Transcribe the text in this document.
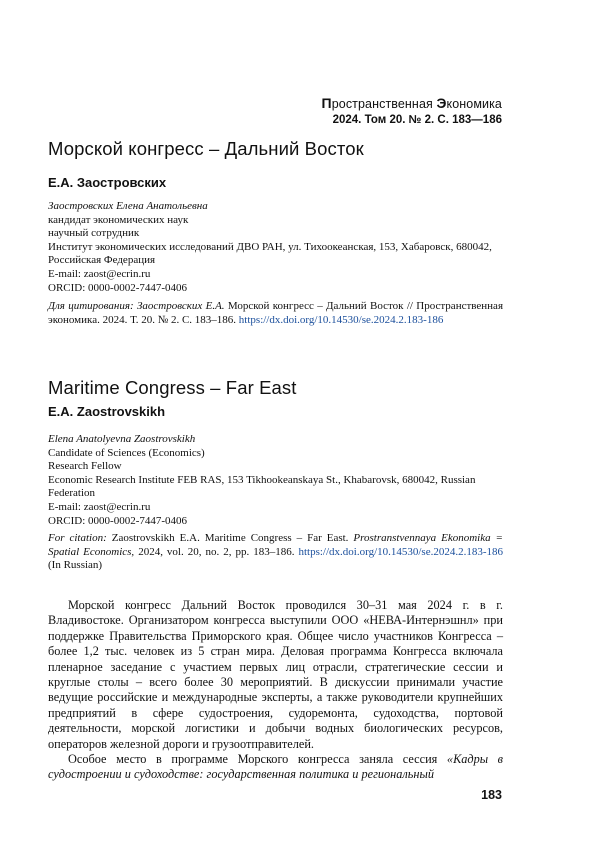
Пространственная Экономика
2024. Том 20. № 2. С. 183—186
Морской конгресс – Дальний Восток
Е.А. Заостровских
Заостровских Елена Анатольевна
кандидат экономических наук
научный сотрудник
Институт экономических исследований ДВО РАН, ул. Тихоокеанская, 153, Хабаровск, 680042, Российская Федерация
E-mail: zaost@ecrin.ru
ORCID: 0000-0002-7447-0406
Для цитирования: Заостровских Е.А. Морской конгресс – Дальний Восток // Пространственная экономика. 2024. Т. 20. № 2. С. 183–186. https://dx.doi.org/10.14530/se.2024.2.183-186
Maritime Congress – Far East
E.A. Zaostrovskikh
Elena Anatolyevna Zaostrovskikh
Candidate of Sciences (Economics)
Research Fellow
Economic Research Institute FEB RAS, 153 Tikhookeanskaya St., Khabarovsk, 680042, Russian Federation
E-mail: zaost@ecrin.ru
ORCID: 0000-0002-7447-0406
For citation: Zaostrovskikh E.A. Maritime Congress – Far East. Prostranstvennaya Ekonomika = Spatial Economics, 2024, vol. 20, no. 2, pp. 183–186. https://dx.doi.org/10.14530/se.2024.2.183-186 (In Russian)

Морской конгресс Дальний Восток проводился 30–31 мая 2024 г. в г. Владивостоке. Организатором конгресса выступили ООО «НЕВА-Интернэшнл» при поддержке Правительства Приморского края. Общее число участников Конгресса – более 1,2 тыс. человек из 5 стран мира. Деловая программа Конгресса включала пленарное заседание с участием первых лиц отрасли, стратегические сессии и круглые столы – всего более 30 мероприятий. В дискуссии принимали участие ведущие российские и международные эксперты, а также руководители крупнейших предприятий в сфере судостроения, судоремонта, судоходства, портовой деятельности, морской логистики и добычи водных биологических ресурсов, операторов железной дороги и грузоотправителей.

Особое место в программе Морского конгресса заняла сессия «Кадры в судостроении и судоходстве: государственная политика и региональный

183
